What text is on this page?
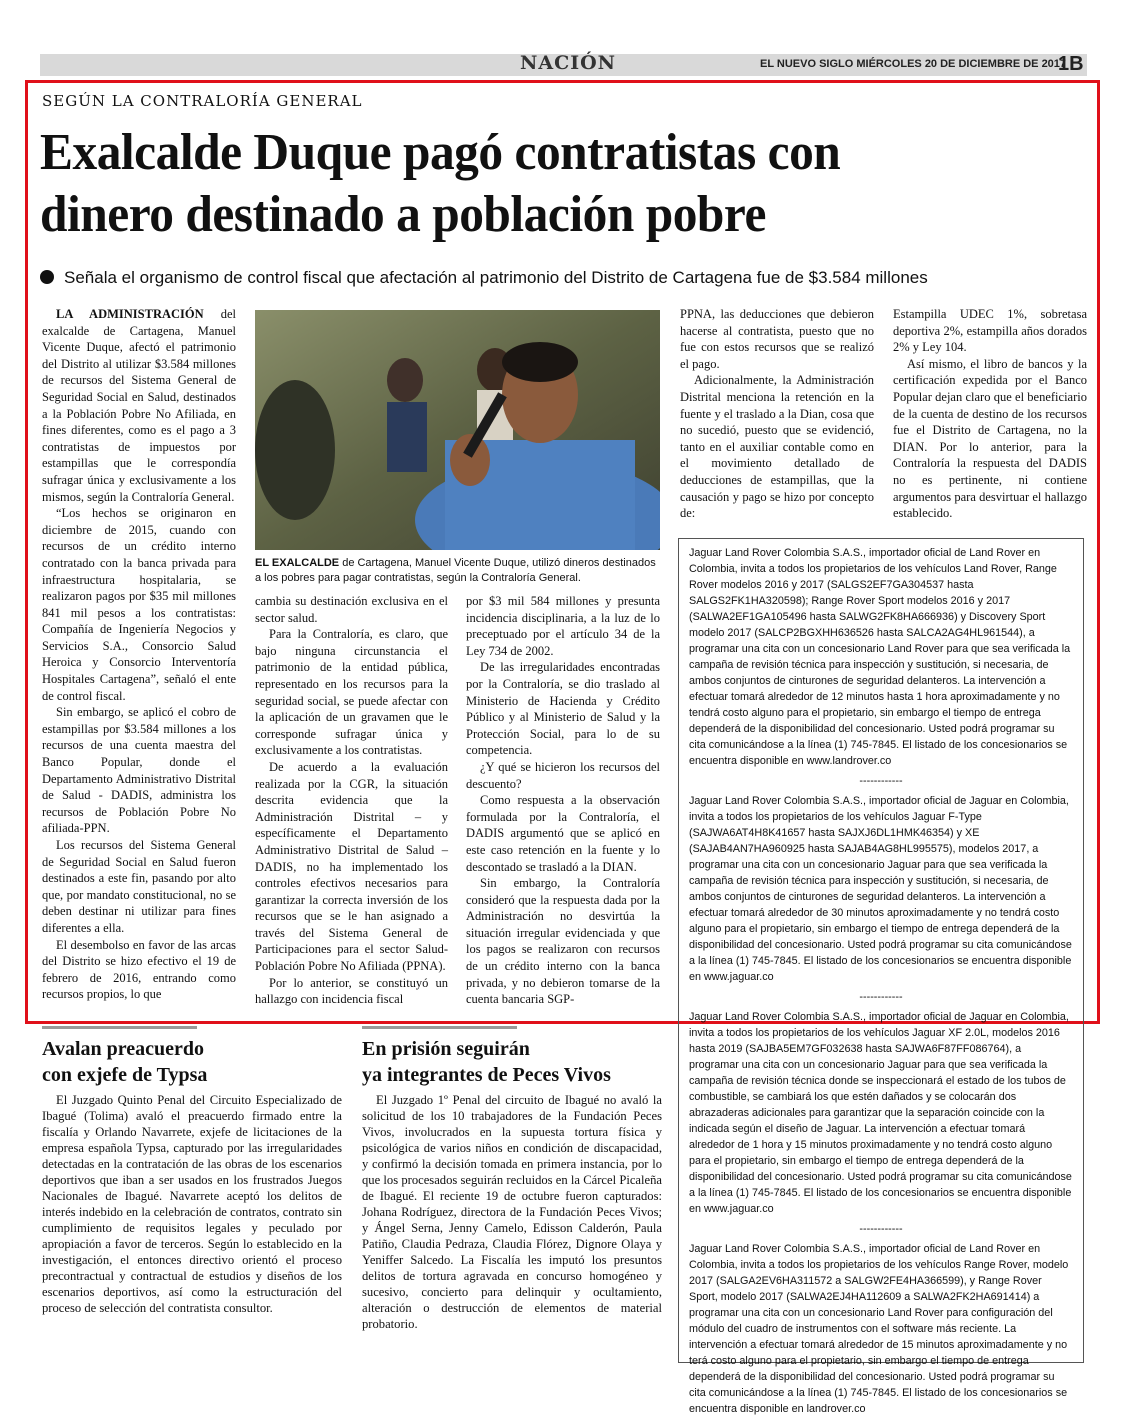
NACIÓN	EL NUEVO SIGLO MIÉRCOLES 20 DE DICIEMBRE DE 2017
1B
SEGÚN LA CONTRALORÍA GENERAL
Exalcalde Duque pagó contratistas con
dinero destinado a población pobre
Señala el organismo de control fiscal que afectación al patrimonio del Distrito de Cartagena fue de $3.584 millones

LA ADMINISTRACIÓN del exalcalde de Cartagena, Manuel Vicente Duque, afectó el patrimonio del Distrito al utilizar $3.584 millones de recursos del Sistema General de Seguridad Social en Salud, destinados a la Población Pobre No Afiliada, en fines diferentes, como es el pago a 3 contratistas de impuestos por estampillas que le correspondía sufragar única y exclusivamente a los mismos, según la Contraloría General.

“Los hechos se originaron en diciembre de 2015, cuando con recursos de un crédito interno contratado con la banca privada para infraestructura hospitalaria, se realizaron pagos por $35 mil millones 841 mil pesos a los contratistas: Compañía de Ingeniería Negocios y Servicios S.A., Consorcio Salud Heroica y Consorcio Interventoría Hospitales Cartagena”, señaló el ente de control fiscal.

Sin embargo, se aplicó el cobro de estampillas por $3.584 millones a los recursos de una cuenta maestra del Banco Popular, donde el Departamento Administrativo Distrital de Salud - DADIS, administra los recursos de Población Pobre No afiliada-PPN.

Los recursos del Sistema General de Seguridad Social en Salud fueron destinados a este fin, pasando por alto que, por mandato constitucional, no se deben destinar ni utilizar para fines diferentes a ella.

El desembolso en favor de las arcas del Distrito se hizo efectivo el 19 de febrero de 2016, entrando como recursos propios, lo que

EL EXALCALDE de Cartagena, Manuel Vicente Duque, utilizó dineros destinados a los pobres para pagar contratistas, según la Contraloría General.

cambia su destinación exclusiva en el sector salud.

Para la Contraloría, es claro, que bajo ninguna circunstancia el patrimonio de la entidad pública, representado en los recursos para la seguridad social, se puede afectar con la aplicación de un gravamen que le corresponde sufragar única y exclusivamente a los contratistas.

De acuerdo a la evaluación realizada por la CGR, la situación descrita evidencia que la Administración Distrital – y específicamente el Departamento Administrativo Distrital de Salud –DADIS, no ha implementado los controles efectivos necesarios para garantizar la correcta inversión de los recursos que se le han asignado a través del Sistema General de Participaciones para el sector Salud- Población Pobre No Afiliada (PPNA).

Por lo anterior, se constituyó un hallazgo con incidencia fiscal

por $3 mil 584 millones y presunta incidencia disciplinaria, a la luz de lo preceptuado por el artículo 34 de la Ley 734 de 2002.

De las irregularidades encontradas por la Contraloría, se dio traslado al Ministerio de Hacienda y Crédito Público y al Ministerio de Salud y la Protección Social, para lo de su competencia.

¿Y qué se hicieron los recursos del descuento?

Como respuesta a la observación formulada por la Contraloría, el DADIS argumentó que se aplicó en este caso retención en la fuente y lo descontado se trasladó a la DIAN.

Sin embargo, la Contraloría consideró que la respuesta dada por la Administración no desvirtúa la situación irregular evidenciada y que los pagos se realizaron con recursos de un crédito interno con la banca privada, y no debieron tomarse de la cuenta bancaria SGP-

PPNA, las deducciones que debieron hacerse al contratista, puesto que no fue con estos recursos que se realizó el pago.

Adicionalmente, la Administración Distrital menciona la retención en la fuente y el traslado a la Dian, cosa que no sucedió, puesto que se evidenció, tanto en el auxiliar contable como en el movimiento detallado de deducciones de estampillas, que la causación y pago se hizo por concepto de:

Estampilla UDEC 1%, sobretasa deportiva 2%, estampilla años dorados 2% y Ley 104.

Así mismo, el libro de bancos y la certificación expedida por el Banco Popular dejan claro que el beneficiario de la cuenta de destino de los recursos fue el Distrito de Cartagena, no la DIAN. Por lo anterior, para la Contraloría la respuesta del DADIS no es pertinente, ni contiene argumentos para desvirtuar el hallazgo establecido.

Jaguar Land Rover Colombia S.A.S., importador oficial de Land Rover en Colombia, invita a todos los propietarios de los vehículos Land Rover, Range Rover modelos 2016 y 2017 (SALGS2EF7GA304537 hasta SALGS2FK1HA320598); Range Rover Sport modelos 2016 y 2017 (SALWA2EF1GA105496 hasta SALWG2FK8HA666936) y Discovery Sport modelo 2017 (SALCP2BGXHH636526 hasta SALCA2AG4HL961544), a programar una cita con un concesionario Land Rover para que sea verificada la campaña de revisión técnica para inspección y sustitución, si necesaria, de ambos conjuntos de cinturones de seguridad delanteros. La intervención a efectuar tomará alrededor de 12 minutos hasta 1 hora aproximadamente y no tendrá costo alguno para el propietario, sin embargo el tiempo de entrega dependerá de la disponibilidad del concesionario. Usted podrá programar su cita comunicándose a la línea (1) 745-7845. El listado de los concesionarios se encuentra disponible en www.landrover.co
------------
Jaguar Land Rover Colombia S.A.S., importador oficial de Jaguar en Colombia, invita a todos los propietarios de los vehículos Jaguar F-Type (SAJWA6AT4H8K41657 hasta SAJXJ6DL1HMK46354) y XE (SAJAB4AN7HA960925 hasta SAJAB4AG8HL995575), modelos 2017, a programar una cita con un concesionario Jaguar para que sea verificada la campaña de revisión técnica para inspección y sustitución, si necesaria, de ambos conjuntos de cinturones de seguridad delanteros. La intervención a efectuar tomará alrededor de 30 minutos aproximadamente y no tendrá costo alguno para el propietario, sin embargo el tiempo de entrega dependerá de la disponibilidad del concesionario. Usted podrá programar su cita comunicándose a la línea (1) 745-7845. El listado de los concesionarios se encuentra disponible en www.jaguar.co
------------
Jaguar Land Rover Colombia S.A.S., importador oficial de Jaguar en Colombia, invita a todos los propietarios de los vehículos Jaguar XF 2.0L, modelos 2016 hasta 2019 (SAJBA5EM7GF032638 hasta SAJWA6F87FF086764), a programar una cita con un concesionario Jaguar para que sea verificada la campaña de revisión técnica donde se inspeccionará el estado de los tubos de combustible, se cambiará los que estén dañados y se colocarán dos abrazaderas adicionales para garantizar que la separación coincide con la indicada según el diseño de Jaguar. La intervención a efectuar tomará alrededor de 1 hora y 15 minutos proximadamente y no tendrá costo alguno para el propietario, sin embargo el tiempo de entrega dependerá de la disponibilidad del concesionario. Usted podrá programar su cita comunicándose a la línea (1) 745-7845. El listado de los concesionarios se encuentra disponible en www.jaguar.co
------------
Jaguar Land Rover Colombia S.A.S., importador oficial de Land Rover en Colombia, invita a todos los propietarios de los vehículos Range Rover, modelo 2017 (SALGA2EV6HA311572 a SALGW2FE4HA366599), y Range Rover Sport, modelo 2017 (SALWA2EJ4HA112609 a SALWA2FK2HA691414) a programar una cita con un concesionario Land Rover para configuración del módulo del cuadro de instrumentos con el software más reciente. La intervención a efectuar tomará alrededor de 15 minutos aproximadamente y no terá costo alguno para el propietario, sin embargo el tiempo de entrega dependerá de la disponibilidad del concesionario. Usted podrá programar su cita comunicándose a la línea (1) 745-7845. El listado de los concesionarios se encuentra disponible en landrover.co
Avalan preacuerdo
con exjefe de Typsa

El Juzgado Quinto Penal del Circuito Especializado de Ibagué (Tolima) avaló el preacuerdo firmado entre la fiscalía y Orlando Navarrete, exjefe de licitaciones de la empresa española Typsa, capturado por las irregularidades detectadas en la contratación de las obras de los escenarios deportivos que iban a ser usados en los frustrados Juegos Nacionales de Ibagué. Navarrete aceptó los delitos de interés indebido en la celebración de contratos, contrato sin cumplimiento de requisitos legales y peculado por apropiación a favor de terceros. Según lo establecido en la investigación, el entonces directivo orientó el proceso precontractual y contractual de estudios y diseños de los escenarios deportivos, así como la estructuración del proceso de selección del contratista consultor.

En prisión seguirán
ya integrantes de Peces Vivos

El Juzgado 1º Penal del circuito de Ibagué no avaló la solicitud de los 10 trabajadores de la Fundación Peces Vivos, involucrados en la supuesta tortura física y psicológica de varios niños en condición de discapacidad, y confirmó la decisión tomada en primera instancia, por lo que los procesados seguirán recluidos en la Cárcel Picaleña de Ibagué. El reciente 19 de octubre fueron capturados: Johana Rodríguez, directora de la Fundación Peces Vivos; y Ángel Serna, Jenny Camelo, Edisson Calderón, Paula Patiño, Claudia Pedraza, Claudia Flórez, Dignore Olaya y Yeniffer Salcedo. La Fiscalía les imputó los presuntos delitos de tortura agravada en concurso homogéneo y sucesivo, concierto para delinquir y ocultamiento, alteración o destrucción de elementos de material probatorio.
